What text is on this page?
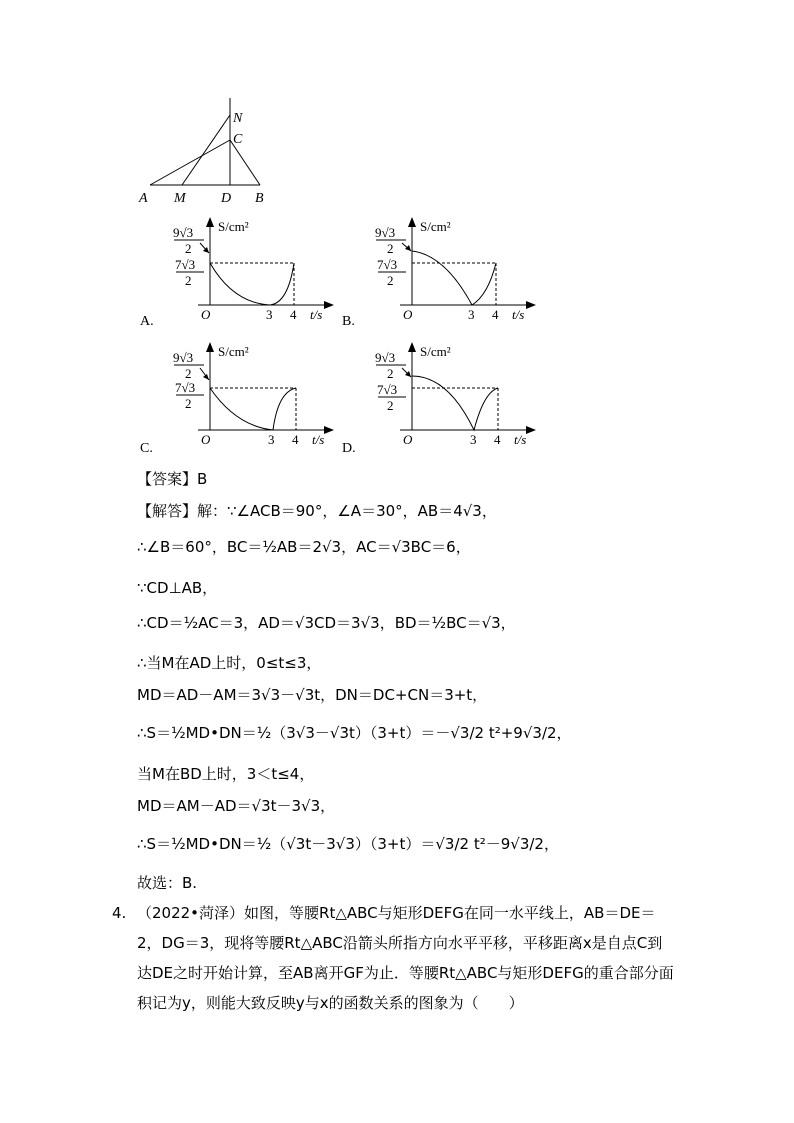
N
C
A M	D B
A.
9√3
2
7√3
2
S/cm²
O	3 4 t/s B.
9√3
2
7√3
2
S/cm²
O	3 4 t/s
C.
9√3
2
7√3
2
S/cm²
O	3 4 t/s
D.
9√3
2
7√3
2
S/cm²
O	3 4 t/s
【答案】B
【解答】解：∵∠ACB＝90°，∠A＝30°，AB＝4√3，
∴∠B＝60°，BC＝½AB＝2√3，AC＝√3BC＝6，
∵CD⊥AB，
∴CD＝½AC＝3，AD＝√3CD＝3√3，BD＝½BC＝√3，
∴当M在AD上时，0≤t≤3，
MD＝AD－AM＝3√3－√3t，DN＝DC+CN＝3+t，
∴S＝½MD•DN＝½（3√3－√3t）（3+t）＝－√3/2 t²+9√3/2，
当M在BD上时，3＜t≤4，
MD＝AM－AD＝√3t－3√3，
∴S＝½MD•DN＝½（√3t－3√3）（3+t）＝√3/2 t²－9√3/2，
故选：B.
4. （2022•菏泽）如图，等腰Rt△ABC与矩形DEFG在同一水平线上，AB＝DE＝2，DG＝3，现将等腰Rt△ABC沿箭头所指方向水平平移，平移距离x是自点C到达DE之时开始计算，至AB离开GF为止．等腰Rt△ABC与矩形DEFG的重合部分面积记为y，则能大致反映y与x的函数关系的图象为（　　）
